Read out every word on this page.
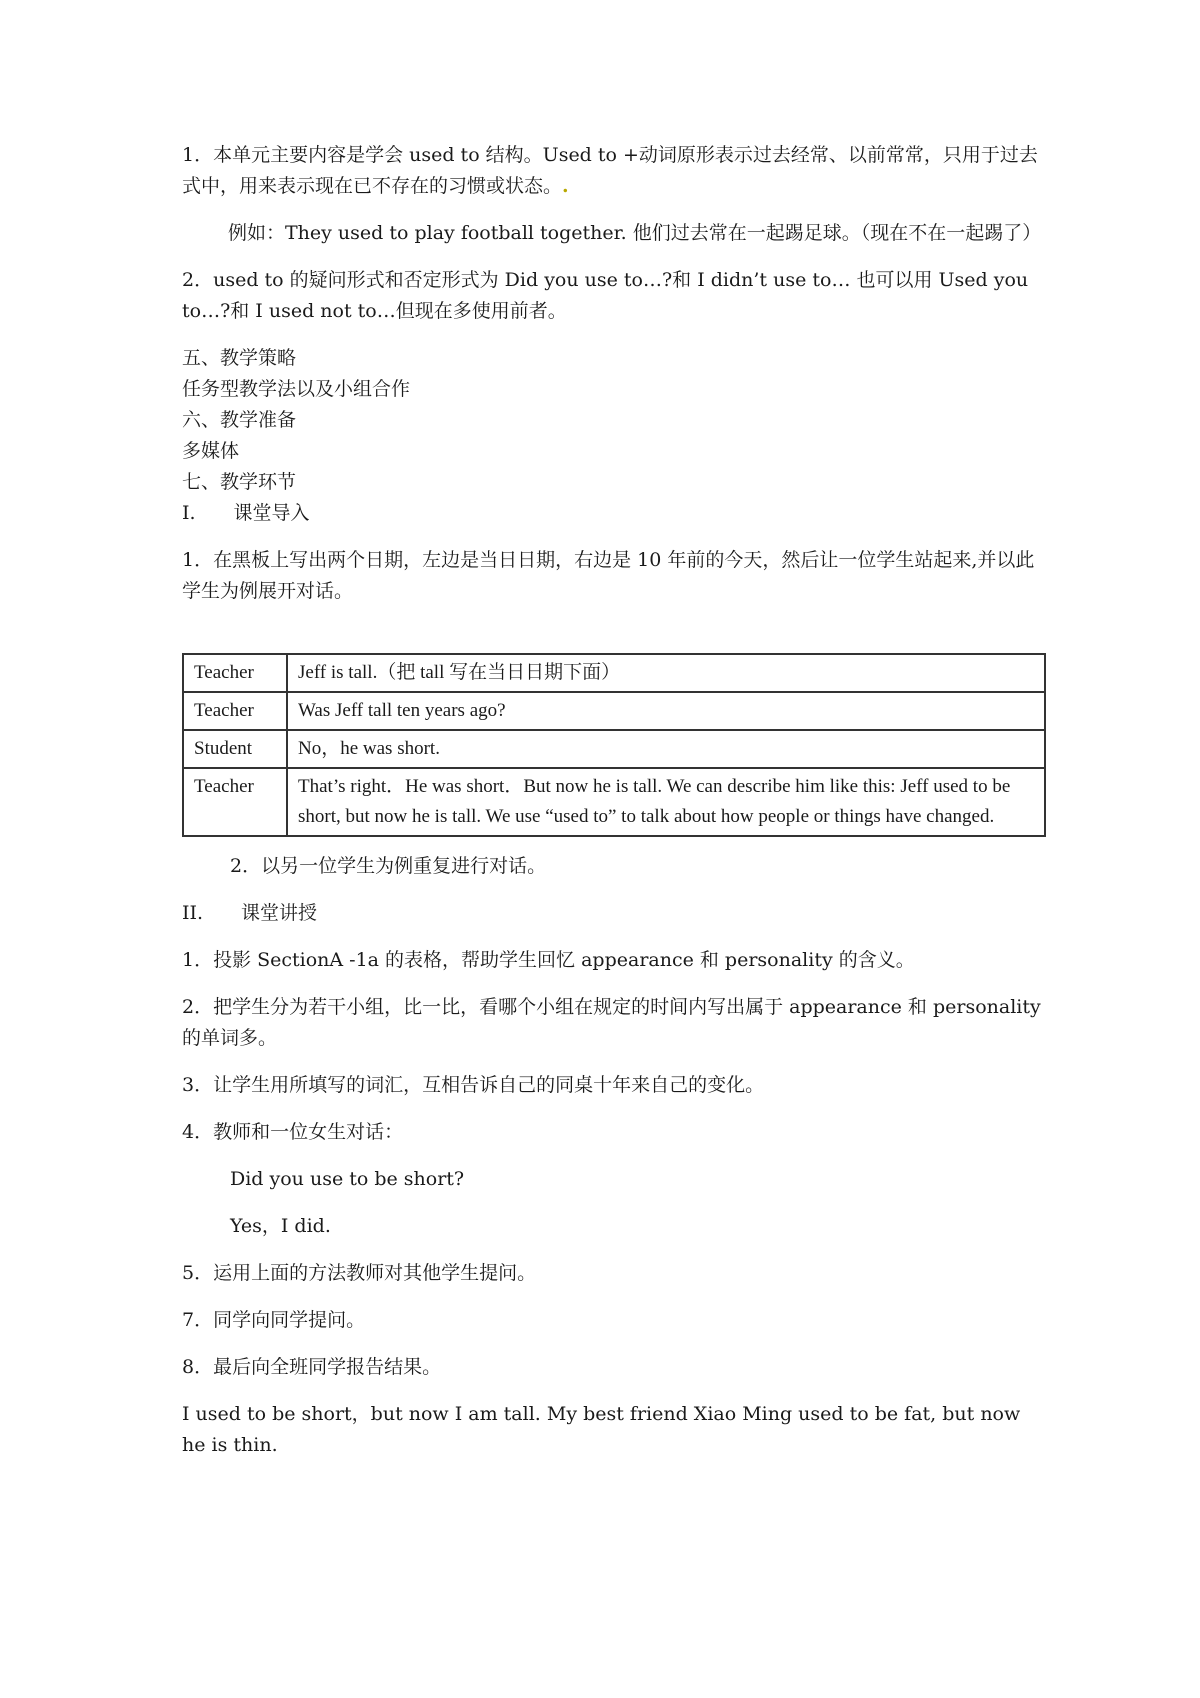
1．本单元主要内容是学会 used to 结构。Used to +动词原形表示过去经常、以前常常，只用于过去式中，用来表示现在已不存在的习惯或状态。.

例如：They used to play football together. 他们过去常在一起踢足球。（现在不在一起踢了）

2．used to 的疑问形式和否定形式为 Did you use to…?和 I didn’t use to… 也可以用 Used you to…?和 I used not to…但现在多使用前者。

五、教学策略

任务型教学法以及小组合作

六、教学准备

多媒体

七、教学环节

I.　　课堂导入

1．在黑板上写出两个日期，左边是当日日期，右边是 10 年前的今天，然后让一位学生站起来,并以此学生为例展开对话。

Teacher	Jeff is tall.（把 tall 写在当日日期下面）
Teacher	Was Jeff tall ten years ago?
Student	No，he was short.
Teacher	That’s right．He was short．But now he is tall. We can describe him like this: Jeff used to be short, but now he is tall. We use “used to” to talk about how people or things have changed.

2．以另一位学生为例重复进行对话。

II.　　课堂讲授

1．投影 SectionA -1a 的表格，帮助学生回忆 appearance 和 personality 的含义。

2．把学生分为若干小组，比一比，看哪个小组在规定的时间内写出属于 appearance 和 personality 的单词多。

3．让学生用所填写的词汇，互相告诉自己的同桌十年来自己的变化。

4．教师和一位女生对话：

Did you use to be short?

Yes，I did.

5．运用上面的方法教师对其他学生提问。

7．同学向同学提问。

8．最后向全班同学报告结果。

I used to be short，but now I am tall. My best friend Xiao Ming used to be fat, but now he is thin.
